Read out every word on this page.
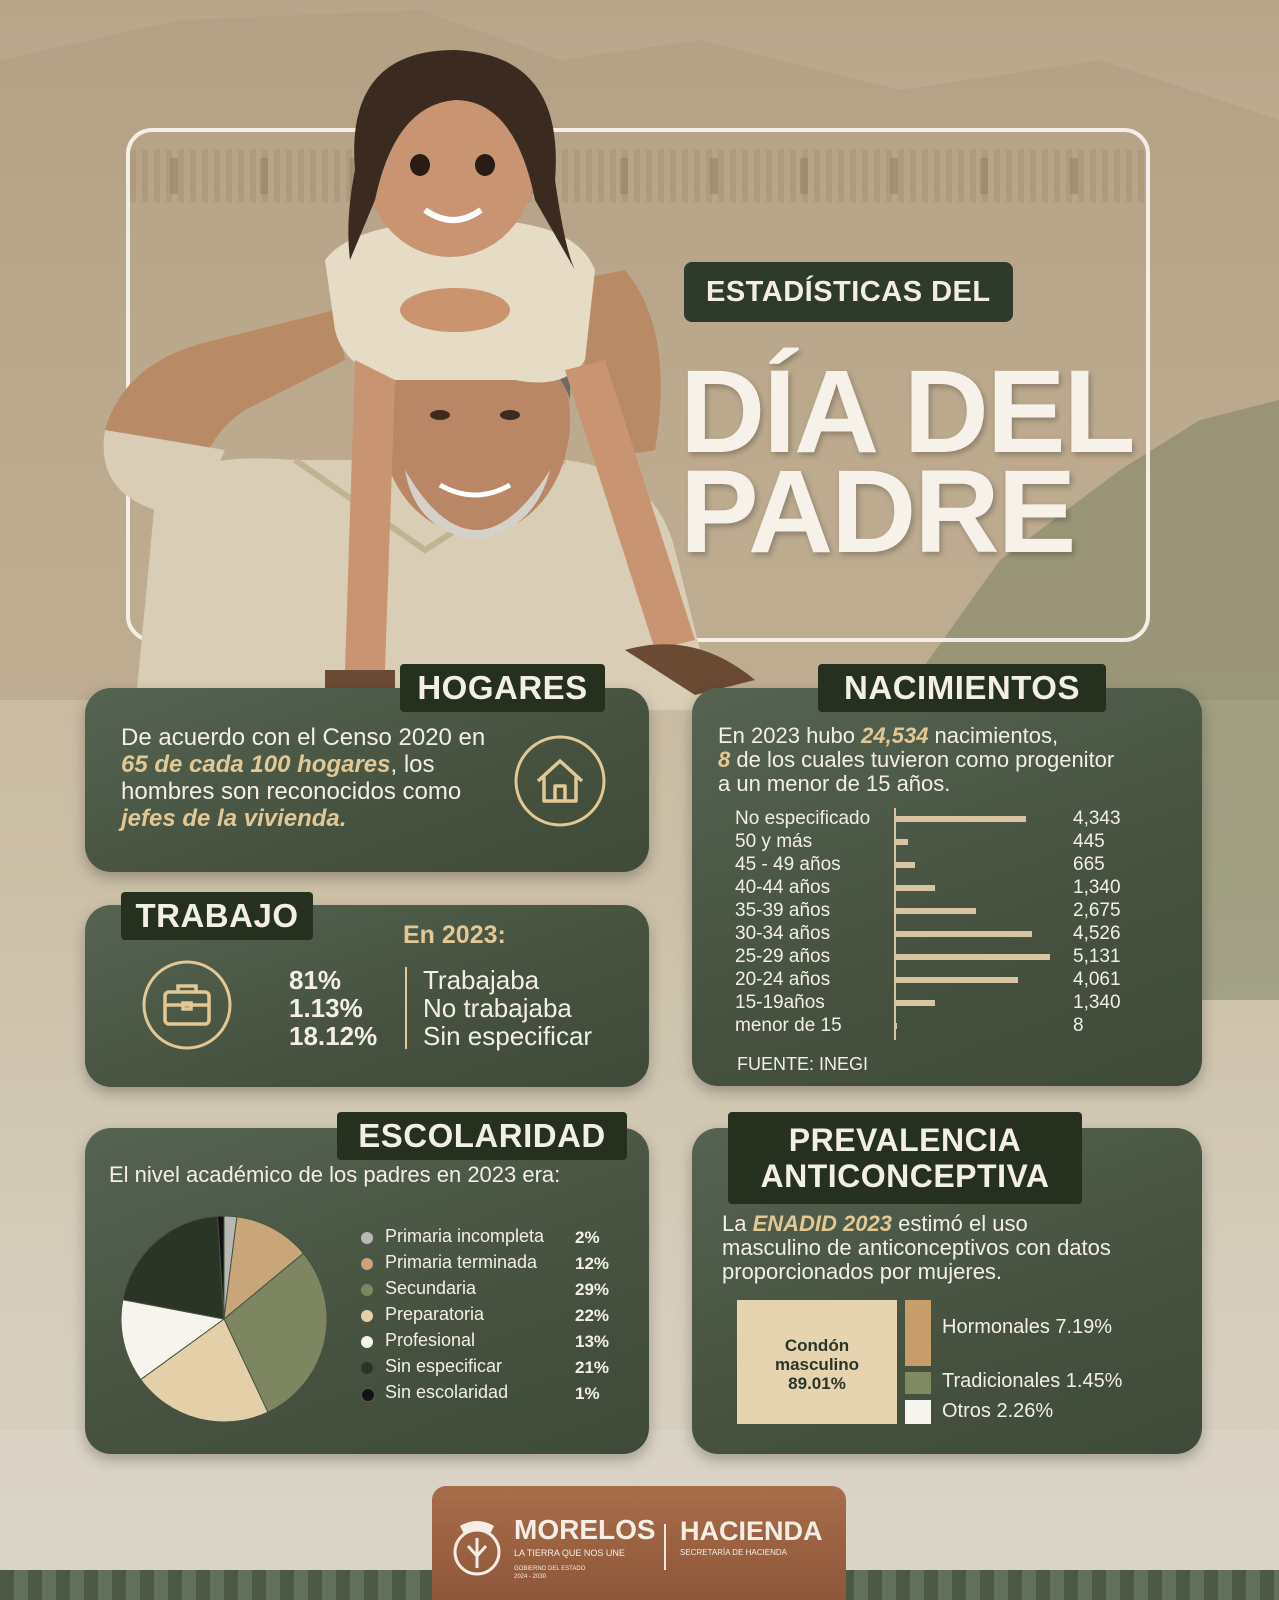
ESTADÍSTICAS DEL
DÍA DEL
PADRE
De acuerdo con el Censo 2020 en
65 de cada 100 hogares, los
hombres son reconocidos como
jefes de la vivienda.
HOGARES
En 2023:
81%	Trabajaba
1.13% No trabajaba
18.12% Sin especificar
TRABAJO
En 2023 hubo 24,534 nacimientos,
8 de los cuales tuvieron como progenitor
a un menor de 15 años.
No especificado	4,343
50 y más	445
45 - 49 años	665
40-44 años	1,340
35-39 años	2,675
30-34 años	4,526
25-29 años	5,131
20-24 años	4,061
15-19años	1,340
menor de 15	8
FUENTE: INEGI
NACIMIENTOS
El nivel académico de los padres en 2023 era:
Primaria incompleta 2%
Primaria terminada 12%
Secundaria	29%
Preparatoria	22%
Profesional	13%
Sin especificar	21%
Sin escolaridad	1%
ESCOLARIDAD
La ENADID 2023 estimó el uso
masculino de anticonceptivos con datos
proporcionados por mujeres.
Condón
masculino
89.01%
Hormonales 7.19%
Tradicionales 1.45%
Otros 2.26%
PREVALENCIA
ANTICONCEPTIVA
MORELOS
LA TIERRA QUE NOS UNE
GOBIERNO DEL ESTADO
2024 - 2030
HACIENDA
SECRETARÍA DE HACIENDA
